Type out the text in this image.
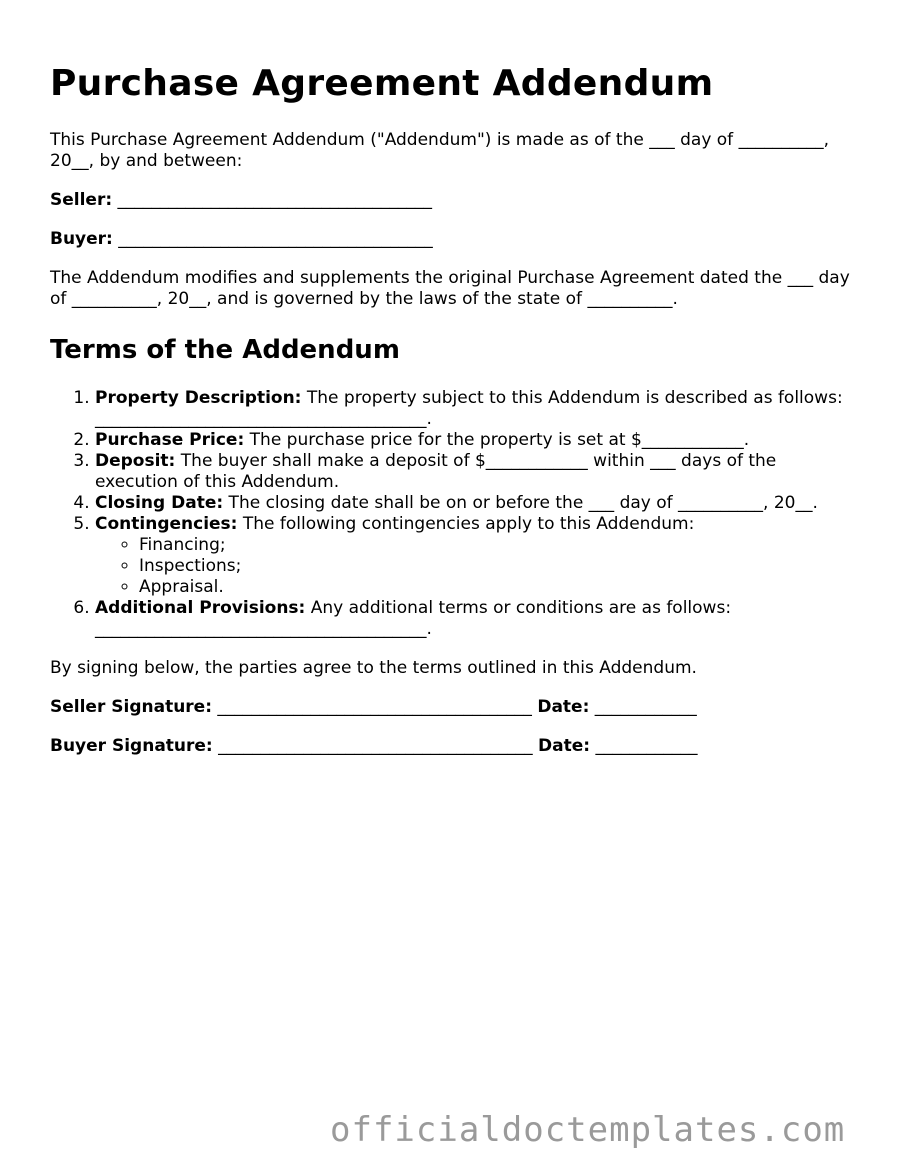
Purchase Agreement Addendum

This Purchase Agreement Addendum ("Addendum") is made as of the ___ day of __________, 20__, by and between:

Seller: _____________________________________
Buyer: _____________________________________

The Addendum modifies and supplements the original Purchase Agreement dated the ___ day of __________, 20__, and is governed by the laws of the state of __________.

Terms of the Addendum
1. Property Description: The property subject to this Addendum is described as follows: _______________________________________.
2. Purchase Price: The purchase price for the property is set at $____________.
3. Deposit: The buyer shall make a deposit of $____________ within ___ days of the execution of this Addendum.
4. Closing Date: The closing date shall be on or before the ___ day of __________, 20__.
5. Contingencies: The following contingencies apply to this Addendum:
◦ Financing;
◦ Inspections;
◦ Appraisal.
6. Additional Provisions: Any additional terms or conditions are as follows: _______________________________________.

By signing below, the parties agree to the terms outlined in this Addendum.

Seller Signature: _____________________________________ Date: ____________
Buyer Signature: _____________________________________ Date: ____________
officialdoctemplates.com
